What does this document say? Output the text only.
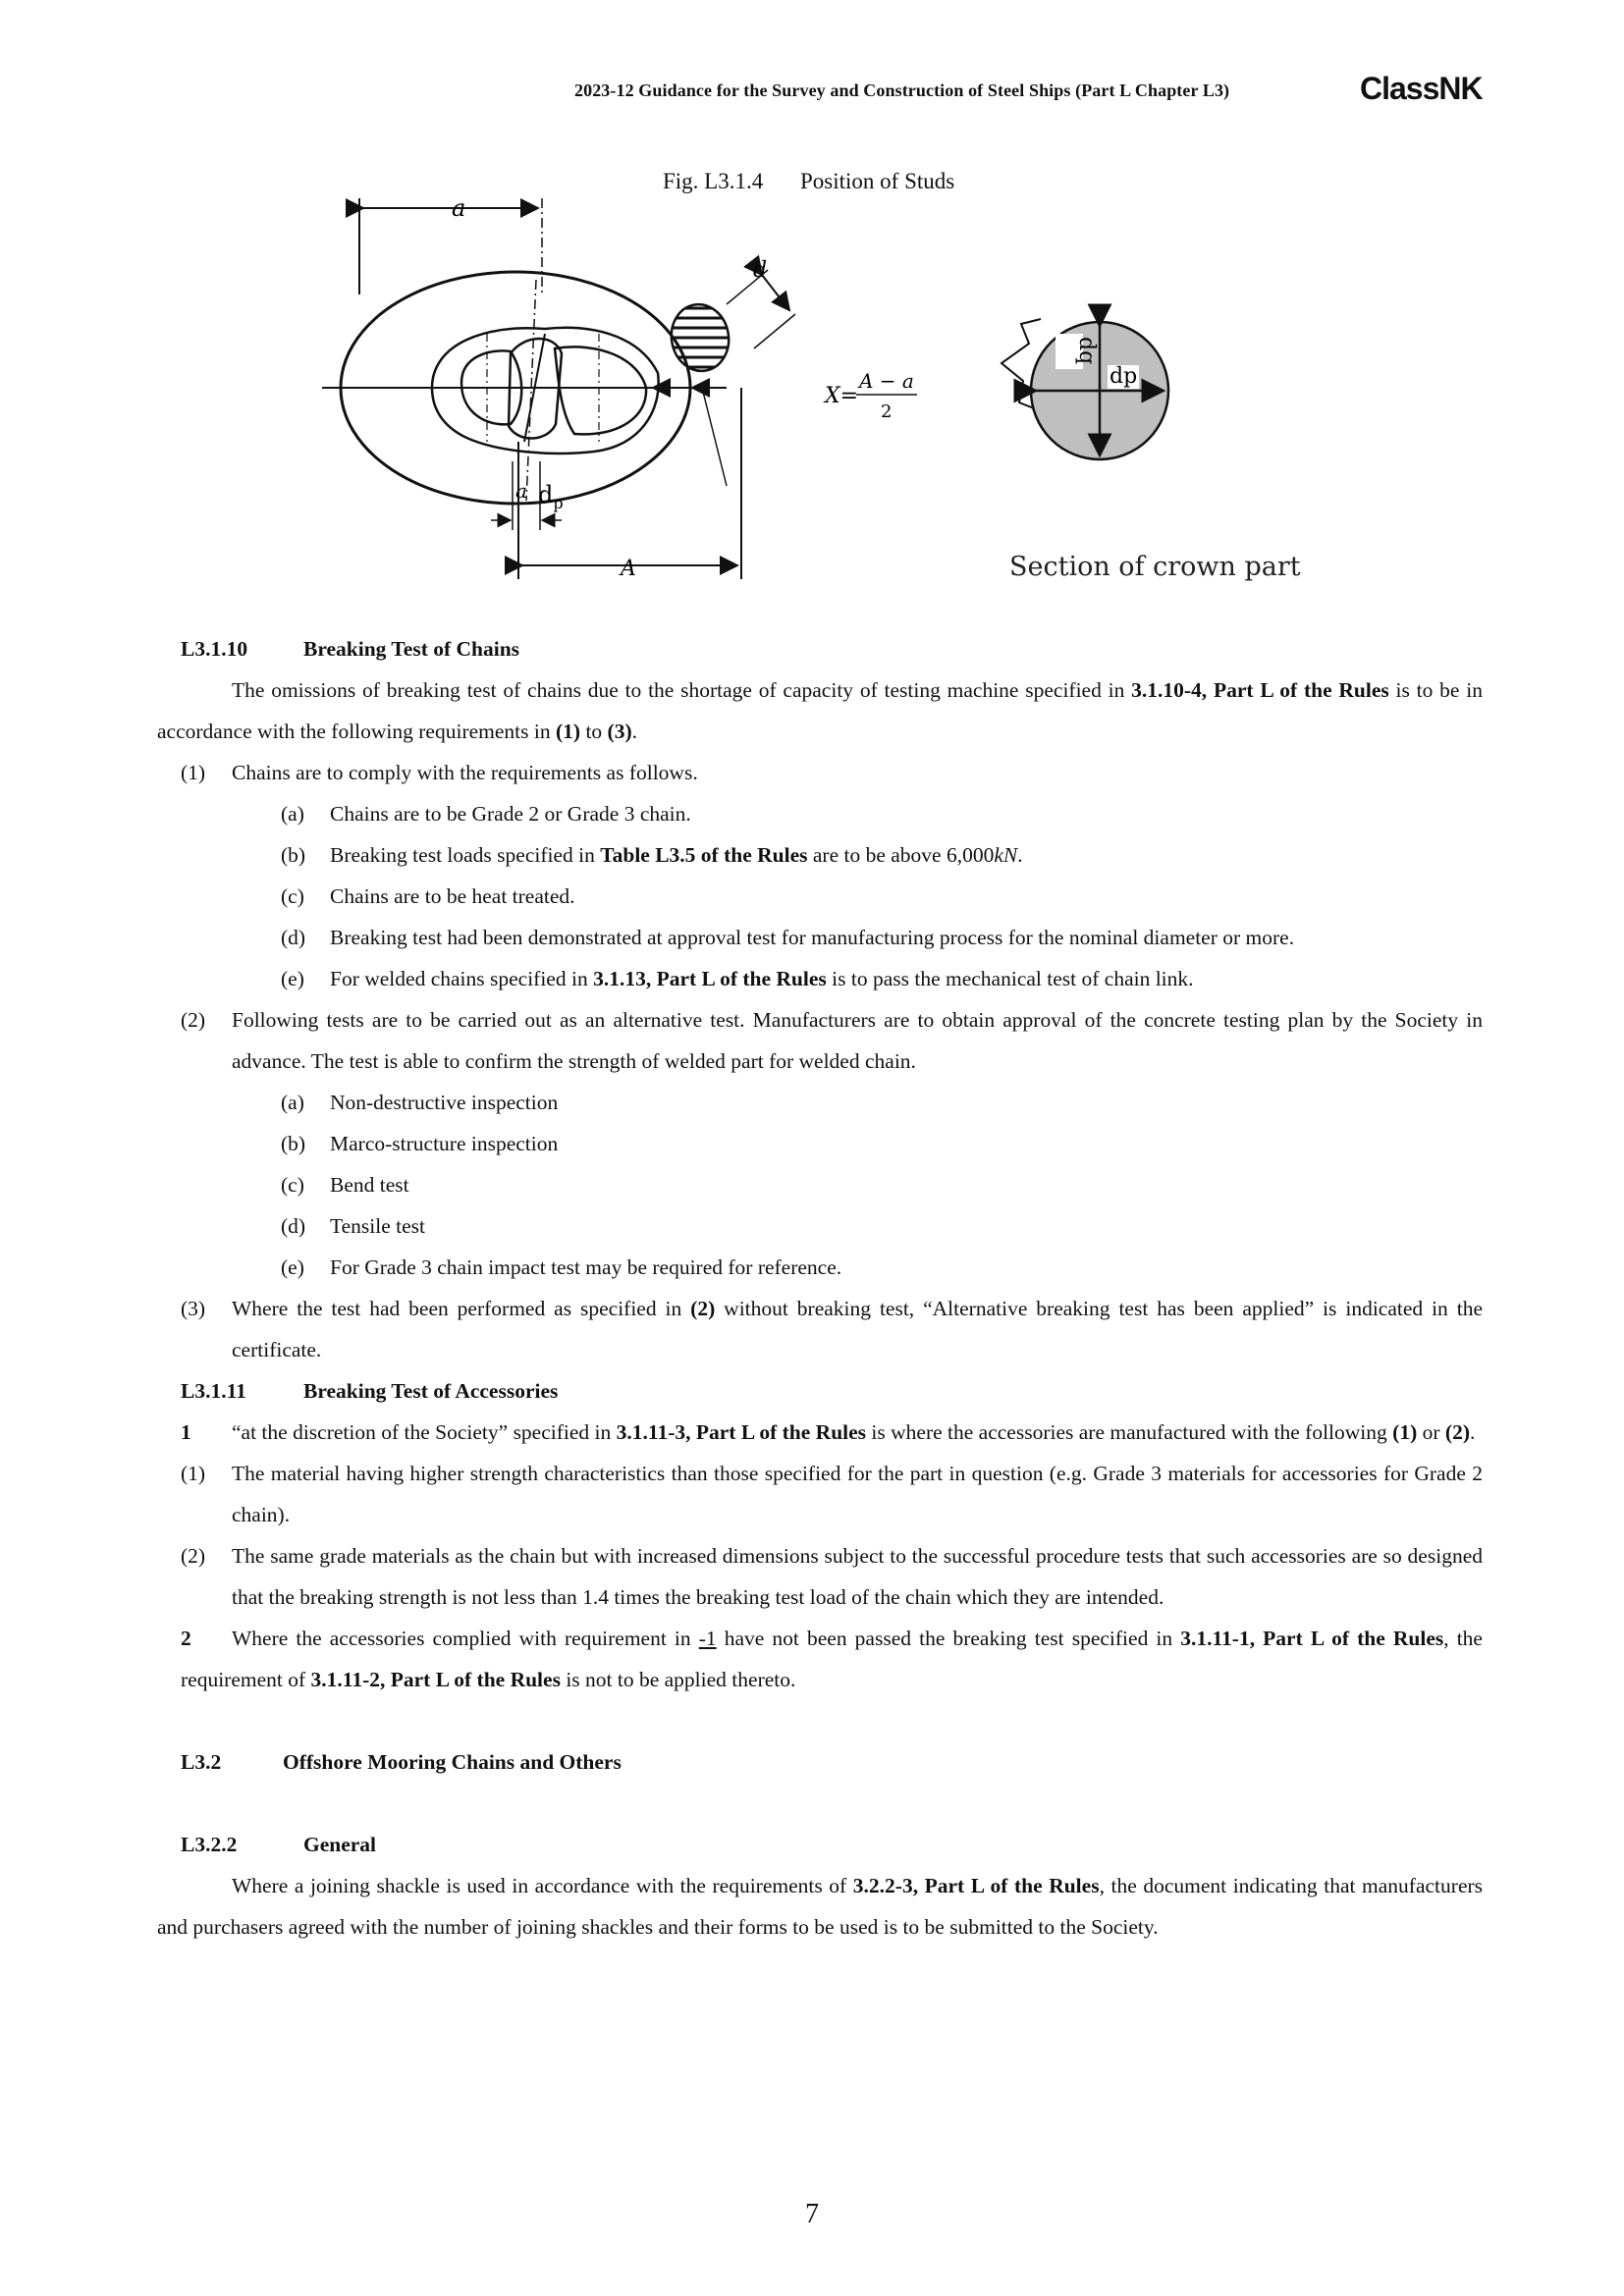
2023-12 Guidance for the Survey and Construction of Steel Ships (Part L Chapter L3)	ClassNK
Fig. L3.1.4 Position of Studs
a
d
$d_p$
a
A
X=
A − a
2
dq
dp
Section of crown part

L3.1.10	Breaking Test of Chains

The omissions of breaking test of chains due to the shortage of capacity of testing machine specified in 3.1.10-4, Part L of the Rules is to be in accordance with the following requirements in (1) to (3).

(1) Chains are to comply with the requirements as follows.

(a) Chains are to be Grade 2 or Grade 3 chain.

(b) Breaking test loads specified in Table L3.5 of the Rules are to be above 6,000kN.

(c) Chains are to be heat treated.

(d) Breaking test had been demonstrated at approval test for manufacturing process for the nominal diameter or more.

(e) For welded chains specified in 3.1.13, Part L of the Rules is to pass the mechanical test of chain link.

(2) Following tests are to be carried out as an alternative test. Manufacturers are to obtain approval of the concrete testing plan by the Society in advance. The test is able to confirm the strength of welded part for welded chain.

(a) Non-destructive inspection

(b) Marco-structure inspection

(c) Bend test

(d) Tensile test

(e) For Grade 3 chain impact test may be required for reference.

(3) Where the test had been performed as specified in (2) without breaking test, “Alternative breaking test has been applied” is indicated in the certificate.

L3.1.11	Breaking Test of Accessories

1 “at the discretion of the Society” specified in 3.1.11-3, Part L of the Rules is where the accessories are manufactured with the following (1) or (2).

(1) The material having higher strength characteristics than those specified for the part in question (e.g. Grade 3 materials for accessories for Grade 2 chain).

(2) The same grade materials as the chain but with increased dimensions subject to the successful procedure tests that such accessories are so designed that the breaking strength is not less than 1.4 times the breaking test load of the chain which they are intended.

2 Where the accessories complied with requirement in -1 have not been passed the breaking test specified in 3.1.11-1, Part L of the Rules, the requirement of 3.1.11-2, Part L of the Rules is not to be applied thereto.

L3.2	Offshore Mooring Chains and Others

L3.2.2	General

Where a joining shackle is used in accordance with the requirements of 3.2.2-3, Part L of the Rules, the document indicating that manufacturers and purchasers agreed with the number of joining shackles and their forms to be used is to be submitted to the Society.

7
